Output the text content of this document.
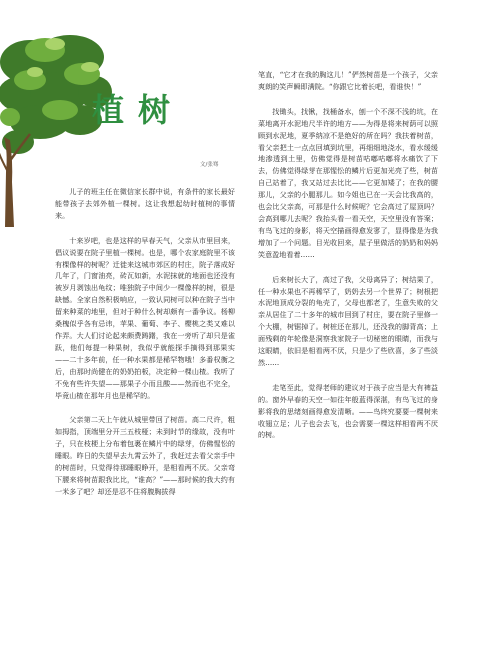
植树
文/张骞

儿子的班主任在微信家长群中说，有条件的家长最好能带孩子去郊外植一棵树。这让我想起幼时植树的事情来。

十来岁吧，也是这样的早春天气，父亲从市里回来，倡议说要在院子里植一棵树。也是，哪个农家庭院里不该有棵像样的树呢？迁徙来这城市郊区的村庄，院子落成好几年了，门窗油亮，砖瓦如新，水泥抹就的地面也还没有被岁月剥蚀出龟纹；唯独院子中间少一棵像样的树，很是缺憾。全家自然积极响应，一致认同树可以种在院子当中留来种菜的地里，但对于种什么树却颇有一番争议。杨柳桑槐似乎各有忌讳，苹果、葡萄、李子、樱桃之类又难以作弄。大人们讨论起来颇费踌躇，我在一旁听了却只是雀跃，他们每提一种果树，我似乎就能探手摘得到那果实——二十多年前，任一种水果都是稀罕物哦！多番权衡之后，由那时尚健在的奶奶拍板，决定种一棵山楂。我听了不免有些许失望——那果子小而且酸——然而也不完全，毕竟山楂在那年月也是稀罕的。

父亲第二天上午就从城里带回了树苗。高二尺许，粗如拇指，顶端里分开三五枝桠；未到时节的缘故，没有叶子，只在枝梗上分布着包裹在鳞片中的绿芽，仿佛惺忪的睡眼。昨日的失望早去九霄云外了，我赶过去看父亲手中的树苗时，只觉得待那睡眼睁开，是相看两不厌。父亲弯下腰来将树苗跟我比比，“谁高？”——那时候的我大约有一米多了吧？却还是忍不住将腹胸拔得

笔直，“它才在我的胸这儿！”俨然树苗是一个孩子，父亲爽朗的笑声瞬即满院。“你跟它比着长吧，看谁快！”

找锄头，找锹，找桶备水，刨一个不深不浅的坑，在菜地离开水泥地尺半许的地方——为得是将来树荫可以照顾到水泥地，夏季纳凉不是绝好的所在吗？我扶着树苗，看父亲把土一点点回填到坑里，再细细地浇水，看水缓缓地渗透到土里，仿佛觉得是树苗咕嘟咕嘟将水痛饮了下去，仿佛觉得绿芽在那惺忪的鳞片后更加光亮了些，树苗自己站着了，我又站过去比比——它更加矮了；在我的腰那儿，父亲的小腿那儿。如今姐也已在一天会比我高的，也会比父亲高，可那是什么时候呢？它会高过了屋顶吗？会高到哪儿去呢？我抬头看一看天空，天空里没有答案；有鸟飞过的身影，将天空描画得愈发寥了，显得像是为我增加了一个问题。目光收回来，屋子里做活的奶奶和妈妈笑意盈地看着……

后来树长大了，高过了我，父母离异了；树结果了，任一种水果也不再稀罕了，奶奶去另一个世界了；树根把水泥地顶成分裂的龟壳了，父母也都老了，生意失败的父亲从居住了二十多年的城市回到了村庄，要在院子里修一个大棚，树锯掉了。树桩还在那儿，还没我的脚背高；上面残剩的年轮像是洞察我家院子一切秘密的眼睛，而我与这眼睛，依旧是相看两不厌，只是少了些欣喜，多了些淡然……

走笔至此，觉得老师的建议对于孩子应当是大有裨益的。窗外早春的天空一如往年般蓝得深湛，有鸟飞过的身影将我的思绪刻画得愈发清晰。——鸟终究要要一棵树来收翅立足；儿子也会去飞，也会需要一棵这样相看两不厌的树。
